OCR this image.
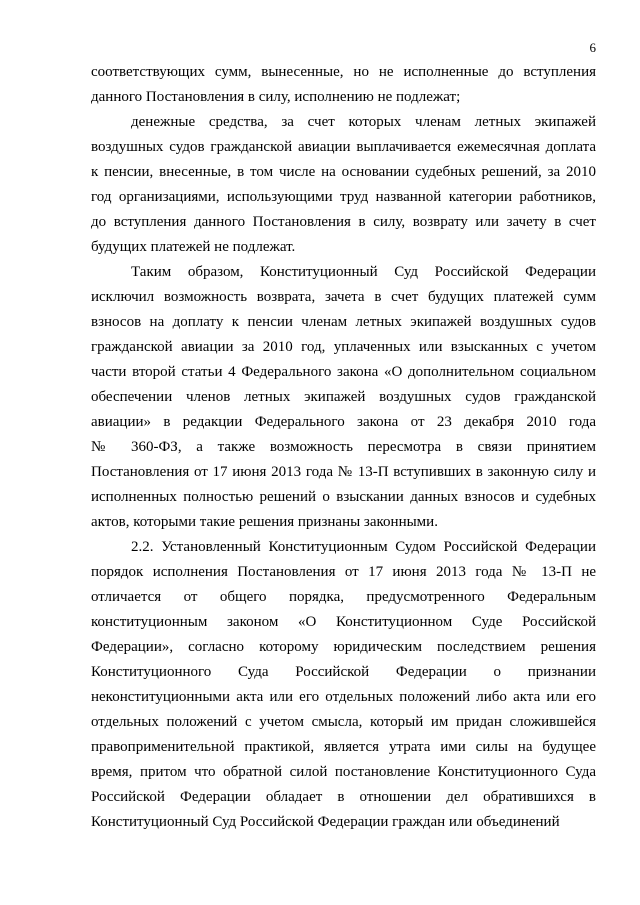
6

соответствующих сумм, вынесенные, но не исполненные до вступления
данного Постановления в силу, исполнению не подлежат;

денежные средства, за счет которых членам летных экипажей
воздушных судов гражданской авиации выплачивается ежемесячная доплата
к пенсии, внесенные, в том числе на основании судебных решений, за 2010
год организациями, использующими труд названной категории работников,
до вступления данного Постановления в силу, возврату или зачету в счет
будущих платежей не подлежат.

Таким образом, Конституционный Суд Российской Федерации
исключил возможность возврата, зачета в счет будущих платежей сумм
взносов на доплату к пенсии членам летных экипажей воздушных судов
гражданской авиации за 2010 год, уплаченных или взысканных с учетом
части второй статьи 4 Федерального закона «О дополнительном социальном
обеспечении членов летных экипажей воздушных судов гражданской
авиации» в редакции Федерального закона от 23 декабря 2010 года
№ 360-ФЗ, а также возможность пересмотра в связи принятием
Постановления от 17 июня 2013 года № 13-П вступивших в законную силу и
исполненных полностью решений о взыскании данных взносов и судебных
актов, которыми такие решения признаны законными.

2.2. Установленный Конституционным Судом Российской Федерации
порядок исполнения Постановления от 17 июня 2013 года № 13-П не
отличается от общего порядка, предусмотренного Федеральным
конституционным законом «О Конституционном Суде Российской
Федерации», согласно которому юридическим последствием решения
Конституционного Суда Российской Федерации о признании
неконституционными акта или его отдельных положений либо акта или его
отдельных положений с учетом смысла, который им придан сложившейся
правоприменительной практикой, является утрата ими силы на будущее
время, притом что обратной силой постановление Конституционного Суда
Российской Федерации обладает в отношении дел обратившихся в
Конституционный Суд Российской Федерации граждан или объединений
